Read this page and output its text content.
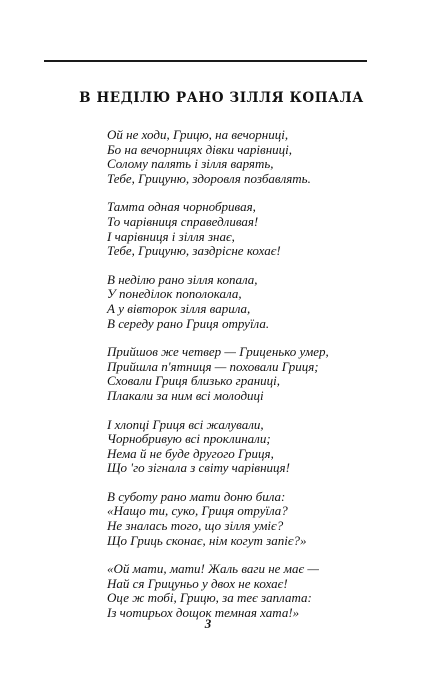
В НЕДІЛЮ РАНО ЗІЛЛЯ КОПАЛА
Ой не ходи, Грицю, на вечорниці,
Бо на вечорницях дівки чарівниці,
Солому палять і зілля варять,
Тебе, Грицуню, здоровля позбавлять.
Тамта одная чорнобривая,
То чарівниця справедливая!
І чарівниця і зілля знає,
Тебе, Грицуню, заздрісне кохає!
В неділю рано зілля копала,
У понеділок пополокала,
А у вівторок зілля варила,
В середу рано Гриця отруїла.
Прийшов же четвер — Гриценько умер,
Прийшла п'ятниця — поховали Гриця;
Сховали Гриця близько границі,
Плакали за ним всі молодиці
І хлопці Гриця всі жалували,
Чорнобривую всі проклинали;
Нема й не буде другого Гриця,
Що 'го зігнала з світу чарівниця!
В суботу рано мати доню била:
«Нащо ти, суко, Гриця отруїла?
Не зналась того, що зілля уміє?
Що Гриць сконає, нім когут запіє?»
«Ой мати, мати! Жаль ваги не має —
Най ся Грицуньо у двох не кохає!
Оце ж тобі, Грицю, за теє заплата:
Із чотирьох дощок темная хата!»
3
